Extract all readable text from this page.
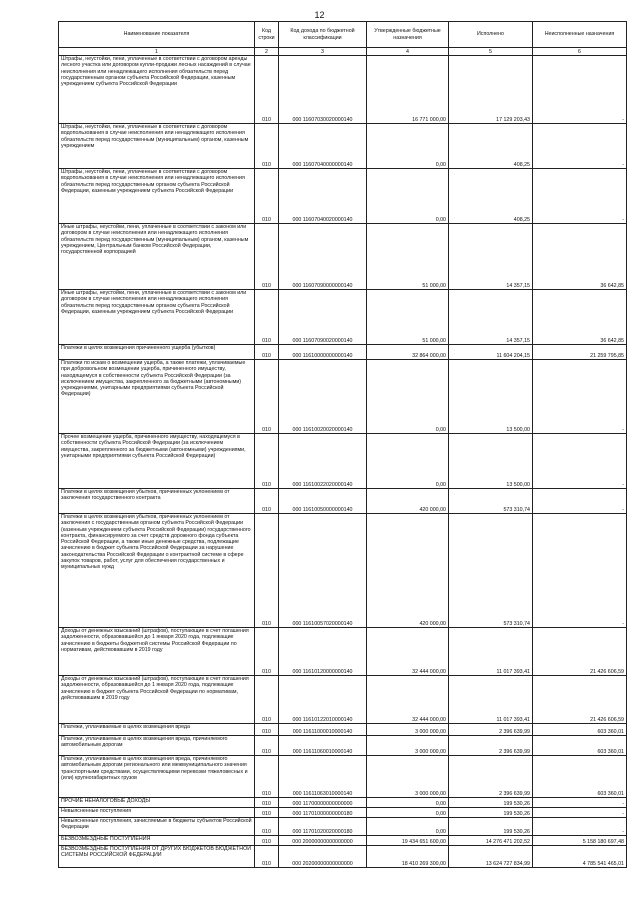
12
Наименование показателя	Код строки	Код дохода по бюджетной классификации	Утвержденные бюджетные назначения	Исполнено	Неисполненные назначения
1	2	3	4	5	6
Штрафы, неустойки, пени, уплаченные в соответствии с договором аренды лесного участка или договором купли-продажи лесных насаждений в случае неисполнения или ненадлежащего исполнения обязательств перед государственным органом субъекта Российской Федерации, казенным учреждением субъекта Российской Федерации	010	000 11607030020000140	16 771 000,00	17 129 203,43	-
Штрафы, неустойки, пени, уплаченные в соответствии с договором водопользования в случае неисполнения или ненадлежащего исполнения обязательств перед государственным (муниципальным) органом, казенным учреждением	010	000 11607040000000140	0,00	408,25	-
Штрафы, неустойки, пени, уплаченные в соответствии с договором водопользования в случае неисполнения или ненадлежащего исполнения обязательств перед государственным органом субъекта Российской Федерации, казенным учреждением субъекта Российской Федерации	010	000 11607040020000140	0,00	408,25	-
Иные штрафы, неустойки, пени, уплаченные в соответствии с законом или договором в случае неисполнения или ненадлежащего исполнения обязательств перед государственным (муниципальным) органом, казенным учреждением, Центральным банком Российской Федерации, государственной корпорацией	010	000 11607090000000140	51 000,00	14 357,15	36 642,85
Иные штрафы, неустойки, пени, уплаченные в соответствии с законом или договором в случае неисполнения или ненадлежащего исполнения обязательств перед государственным органом субъекта Российской Федерации, казенным учреждением субъекта Российской Федерации	010	000 11607090020000140	51 000,00	14 357,15	36 642,85
Платежи в целях возмещения причиненного ущерба (убытков)	010	000 11610000000000140	32 864 000,00	11 604 204,15	21 259 795,85
Платежи по искам о возмещении ущерба, а также платежи, уплачиваемые при добровольном возмещении ущерба, причиненного имуществу, находящемуся в собственности субъекта Российской Федерации (за исключением имущества, закрепленного за бюджетными (автономными) учреждениями, унитарными предприятиями субъекта Российской Федерации)	010	000 11610020020000140	0,00	13 500,00	-
Прочее возмещение ущерба, причиненного имуществу, находящемуся в собственности субъекта Российской Федерации (за исключением имущества, закрепленного за бюджетными (автономными) учреждениями, унитарными предприятиями субъекта Российской Федерации)	010	000 11610022020000140	0,00	13 500,00	-
Платежи в целях возмещения убытков, причиненных уклонением от заключения государственного контракта	010	000 11610050000000140	420 000,00	573 310,74	-
Платежи в целях возмещения убытков, причиненных уклонением от заключения с государственным органом субъекта Российской Федерации (казенным учреждением субъекта Российской Федерации) государственного контракта, финансируемого за счет средств дорожного фонда субъекта Российской Федерации, а также иные денежные средства, подлежащие зачислению в бюджет субъекта Российской Федерации за нарушение законодательства Российской Федерации о контрактной системе в сфере закупок товаров, работ, услуг для обеспечения государственных и муниципальных нужд	010	000 11610057020000140	420 000,00	573 310,74	-
Доходы от денежных взысканий (штрафов), поступающие в счет погашения задолженности, образовавшейся до 1 января 2020 года, подлежащие зачислению в бюджеты бюджетной системы Российской Федерации по нормативам, действовавшим в 2019 году	010	000 11610120000000140	32 444 000,00	11 017 393,41	21 426 606,59
Доходы от денежных взысканий (штрафов), поступающие в счет погашения задолженности, образовавшейся до 1 января 2020 года, подлежащие зачислению в бюджет субъекта Российской Федерации по нормативам, действовавшим в 2019 году	010	000 11610122010000140	32 444 000,00	11 017 393,41	21 426 606,59
Платежи, уплачиваемые в целях возмещения вреда	010	000 11611000010000140	3 000 000,00	2 396 639,99	603 360,01
Платежи, уплачиваемые в целях возмещения вреда, причиняемого автомобильным дорогам	010	000 11611060010000140	3 000 000,00	2 396 639,99	603 360,01
Платежи, уплачиваемые в целях возмещения вреда, причиняемого автомобильным дорогам регионального или межмуниципального значения транспортными средствами, осуществляющими перевозки тяжеловесных и (или) крупногабаритных грузов	010	000 11611063010000140	3 000 000,00	2 396 639,99	603 360,01
ПРОЧИЕ НЕНАЛОГОВЫЕ ДОХОДЫ	010	000 11700000000000000	0,00	199 530,26	-
Невыясненные поступления	010	000 11701000000000180	0,00	199 530,26	-
Невыясненные поступления, зачисляемые в бюджеты субъектов Российской Федерации	010	000 11701020020000180	0,00	199 530,26	-
БЕЗВОЗМЕЗДНЫЕ ПОСТУПЛЕНИЯ	010	000 20000000000000000	19 434 651 600,00	14 276 471 202,52	5 158 180 697,48
БЕЗВОЗМЕЗДНЫЕ ПОСТУПЛЕНИЯ ОТ ДРУГИХ БЮДЖЕТОВ БЮДЖЕТНОЙ СИСТЕМЫ РОССИЙСКОЙ ФЕДЕРАЦИИ	010	000 20200000000000000	18 410 269 300,00	13 624 727 834,99	4 785 541 465,01
